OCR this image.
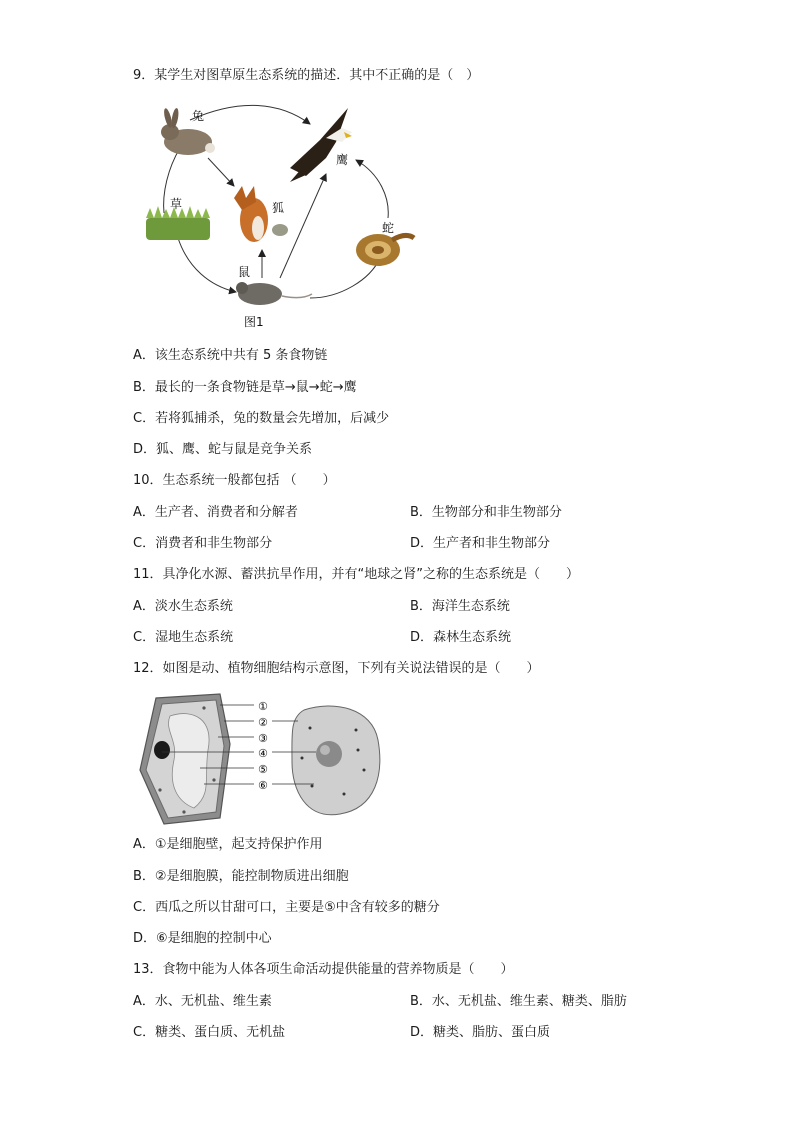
9．某学生对图草原生态系统的描述．其中不正确的是（　）
兔
鹰
草	狐
蛇
鼠
图1
A．该生态系统中共有 5 条食物链
B．最长的一条食物链是草→鼠→蛇→鹰
C．若将狐捕杀，兔的数量会先增加，后减少
D．狐、鹰、蛇与鼠是竞争关系
10．生态系统一般都包括 （　　）
A．生产者、消费者和分解者	B．生物部分和非生物部分
C．消费者和非生物部分	D．生产者和非生物部分
11．具净化水源、蓄洪抗旱作用，并有“地球之肾”之称的生态系统是（　　）
A．淡水生态系统	B．海洋生态系统
C．湿地生态系统	D．森林生态系统
12．如图是动、植物细胞结构示意图，下列有关说法错误的是（　　）
①
②
③
④
⑤
⑥
A．①是细胞壁，起支持保护作用
B．②是细胞膜，能控制物质进出细胞
C．西瓜之所以甘甜可口，主要是⑤中含有较多的糖分
D．⑥是细胞的控制中心
13．食物中能为人体各项生命活动提供能量的营养物质是（　　）
A．水、无机盐、维生素	B．水、无机盐、维生素、糖类、脂肪
C．糖类、蛋白质、无机盐	D．糖类、脂肪、蛋白质
